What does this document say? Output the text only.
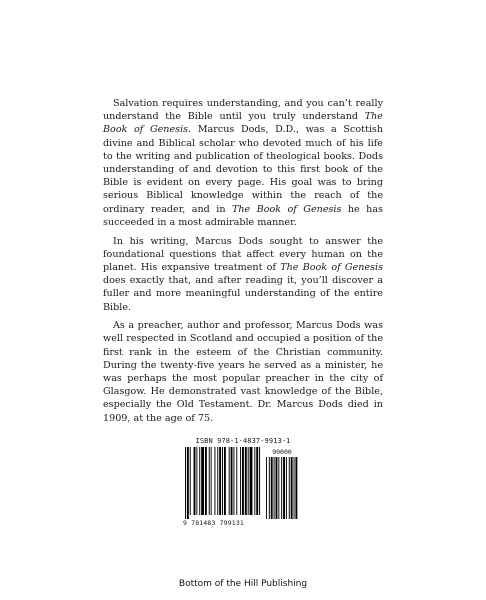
Salvation requires understanding, and you can’t really understand the Bible until you truly understand The Book of Genesis. Marcus Dods, D.D., was a Scottish divine and Biblical scholar who devoted much of his life to the writing and publication of theological books. Dods understanding of and devotion to this first book of the Bible is evident on every page. His goal was to bring serious Biblical knowledge within the reach of the ordinary reader, and in The Book of Genesis he has succeeded in a most admirable manner.

In his writing, Marcus Dods sought to answer the foundational questions that affect every human on the planet. His expansive treatment of The Book of Genesis does exactly that, and after reading it, you’ll discover a fuller and more meaningful understanding of the entire Bible.

As a preacher, author and professor, Marcus Dods was well respected in Scotland and occupied a position of the first rank in the esteem of the Christian community. During the twenty-five years he served as a minister, he was perhaps the most popular preacher in the city of Glasgow. He demonstrated vast knowledge of the Bible, especially the Old Testament. Dr. Marcus Dods died in 1909, at the age of 75.

ISBN 978-1-4837-9913-1
90000
9 781483 799131
Bottom of the Hill Publishing
